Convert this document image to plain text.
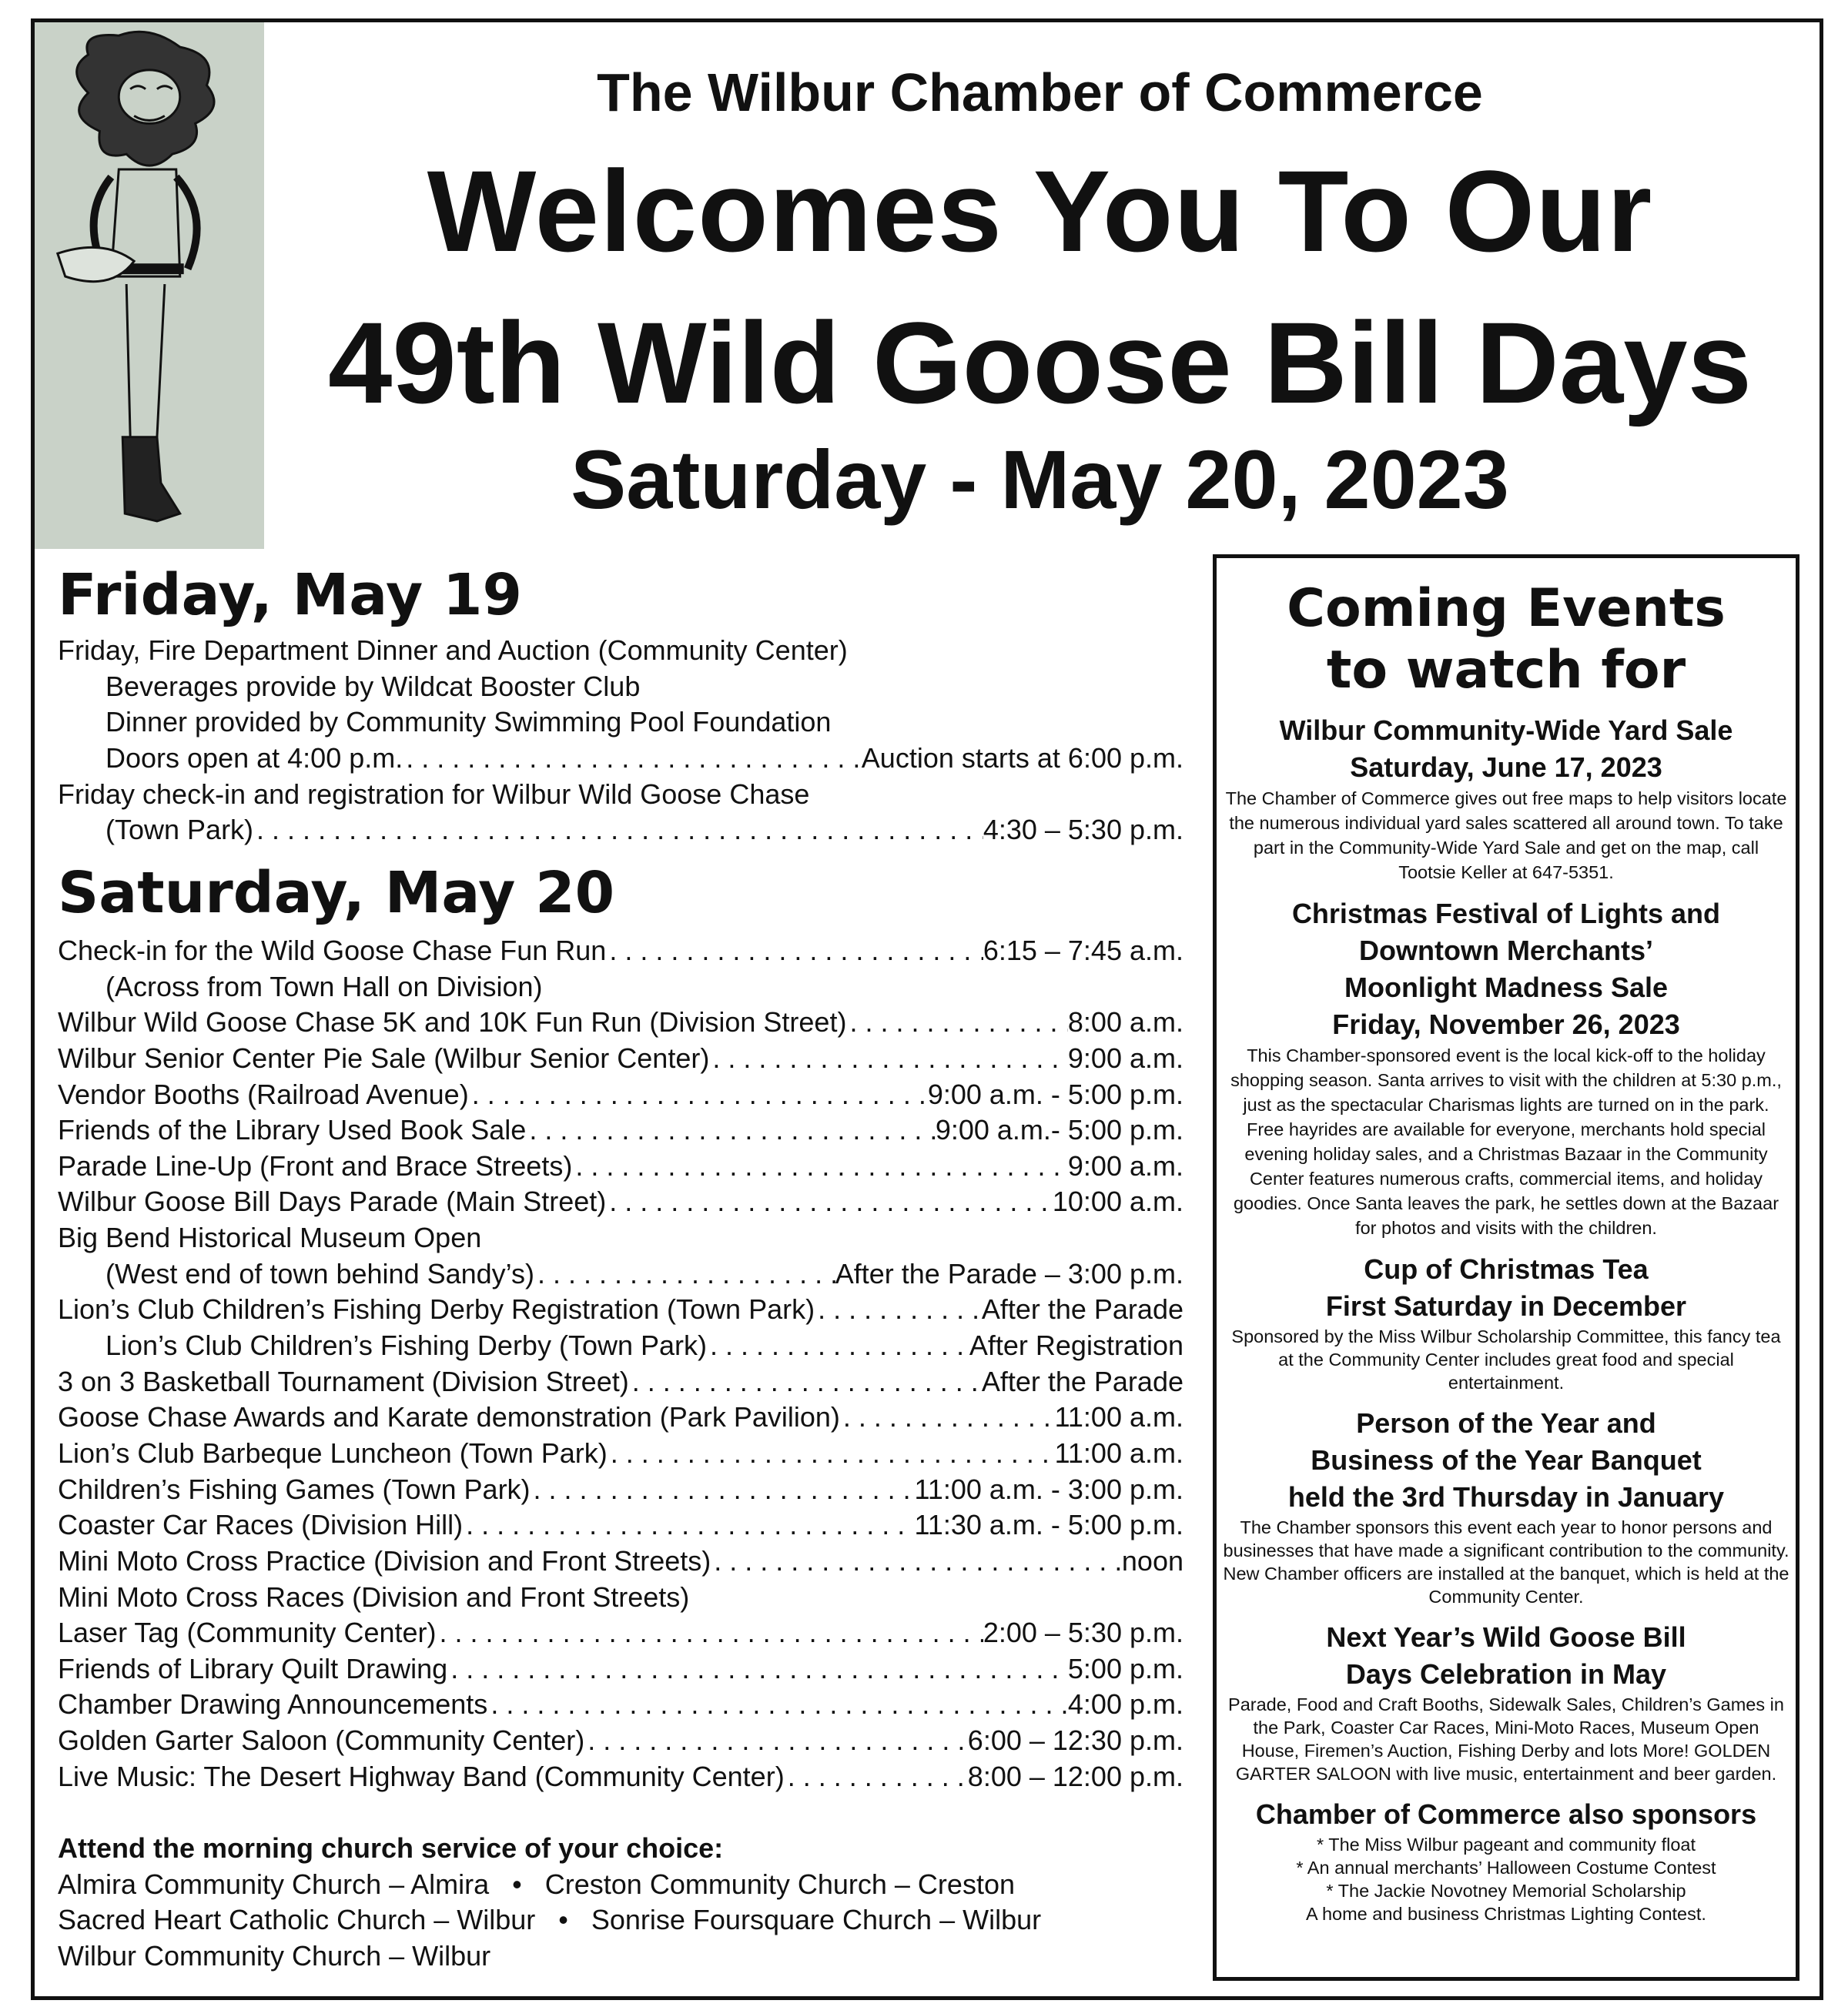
The Wilbur Chamber of Commerce
Welcomes You To Our
49th Wild Goose Bill Days
Saturday - May 20, 2023
Friday, May 19
Friday, Fire Department Dinner and Auction (Community Center)
Beverages provide by Wildcat Booster Club
Dinner provided by Community Swimming Pool Foundation
Doors open at 4:00 p.m. . . .	Auction starts at 6:00 p.m.
Friday check-in and registration for Wilbur Wild Goose Chase
(Town Park) . . .	4:30 – 5:30 p.m.
Saturday, May 20
Check-in for the Wild Goose Chase Fun Run . . .	6:15 – 7:45 a.m.
(Across from Town Hall on Division)
Wilbur Wild Goose Chase 5K and 10K Fun Run (Division Street) . . .	8:00 a.m.
Wilbur Senior Center Pie Sale (Wilbur Senior Center) . . .	9:00 a.m.
Vendor Booths (Railroad Avenue) . . .	9:00 a.m. - 5:00 p.m.
Friends of the Library Used Book Sale . . .	9:00 a.m.- 5:00 p.m.
Parade Line-Up (Front and Brace Streets) . . .	9:00 a.m.
Wilbur Goose Bill Days Parade (Main Street) . . .	10:00 a.m.
Big Bend Historical Museum Open
(West end of town behind Sandy’s) . . .	After the Parade – 3:00 p.m.
Lion’s Club Children’s Fishing Derby Registration (Town Park) . . .	After the Parade
Lion’s Club Children’s Fishing Derby (Town Park) . . .	After Registration
3 on 3 Basketball Tournament (Division Street) . . .	After the Parade
Goose Chase Awards and Karate demonstration (Park Pavilion) . . .	11:00 a.m.
Lion’s Club Barbeque Luncheon (Town Park) . . .	11:00 a.m.
Children’s Fishing Games (Town Park) . . .	11:00 a.m. - 3:00 p.m.
Coaster Car Races (Division Hill) . . .	11:30 a.m. - 5:00 p.m.
Mini Moto Cross Practice (Division and Front Streets) . . .	noon
Mini Moto Cross Races (Division and Front Streets)
Laser Tag (Community Center) . . .	2:00 – 5:30 p.m.
Friends of Library Quilt Drawing . . .	5:00 p.m.
Chamber Drawing Announcements . . .	4:00 p.m.
Golden Garter Saloon (Community Center) . . .	6:00 – 12:30 p.m.
Live Music: The Desert Highway Band (Community Center) . . .	8:00 – 12:00 p.m.
Attend the morning church service of your choice:
Almira Community Church – Almira   •   Creston Community Church – Creston
Sacred Heart Catholic Church – Wilbur   •   Sonrise Foursquare Church – Wilbur
Wilbur Community Church – Wilbur
Coming Events
to watch for
Wilbur Community-Wide Yard Sale
Saturday, June 17, 2023
The Chamber of Commerce gives out free maps to help visitors locate the numerous individual yard sales scattered all around town. To take part in the Community-Wide Yard Sale and get on the map, call Tootsie Keller at 647-5351.
Christmas Festival of Lights and
Downtown Merchants’
Moonlight Madness Sale
Friday, November 26, 2023
This Chamber-sponsored event is the local kick-off to the holiday shopping season. Santa arrives to visit with the children at 5:30 p.m., just as the spectacular Charismas lights are turned on in the park. Free hayrides are available for everyone, merchants hold special evening holiday sales, and a Christmas Bazaar in the Community Center features numerous crafts, commercial items, and holiday goodies. Once Santa leaves the park, he settles down at the Bazaar for photos and visits with the children.
Cup of Christmas Tea
First Saturday in December
Sponsored by the Miss Wilbur Scholarship Committee, this fancy tea at the Community Center includes great food and special entertainment.
Person of the Year and
Business of the Year Banquet
held the 3rd Thursday in January
The Chamber sponsors this event each year to honor persons and businesses that have made a significant contribution to the community. New Chamber officers are installed at the banquet, which is held at the Community Center.
Next Year’s Wild Goose Bill
Days Celebration in May
Parade, Food and Craft Booths, Sidewalk Sales, Children’s Games in the Park, Coaster Car Races, Mini-Moto Races, Museum Open House, Firemen’s Auction, Fishing Derby and lots More! GOLDEN GARTER SALOON with live music, entertainment and beer garden.
Chamber of Commerce also sponsors
* The Miss Wilbur pageant and community float
* An annual merchants’ Halloween Costume Contest
* The Jackie Novotney Memorial Scholarship
A home and business Christmas Lighting Contest.
